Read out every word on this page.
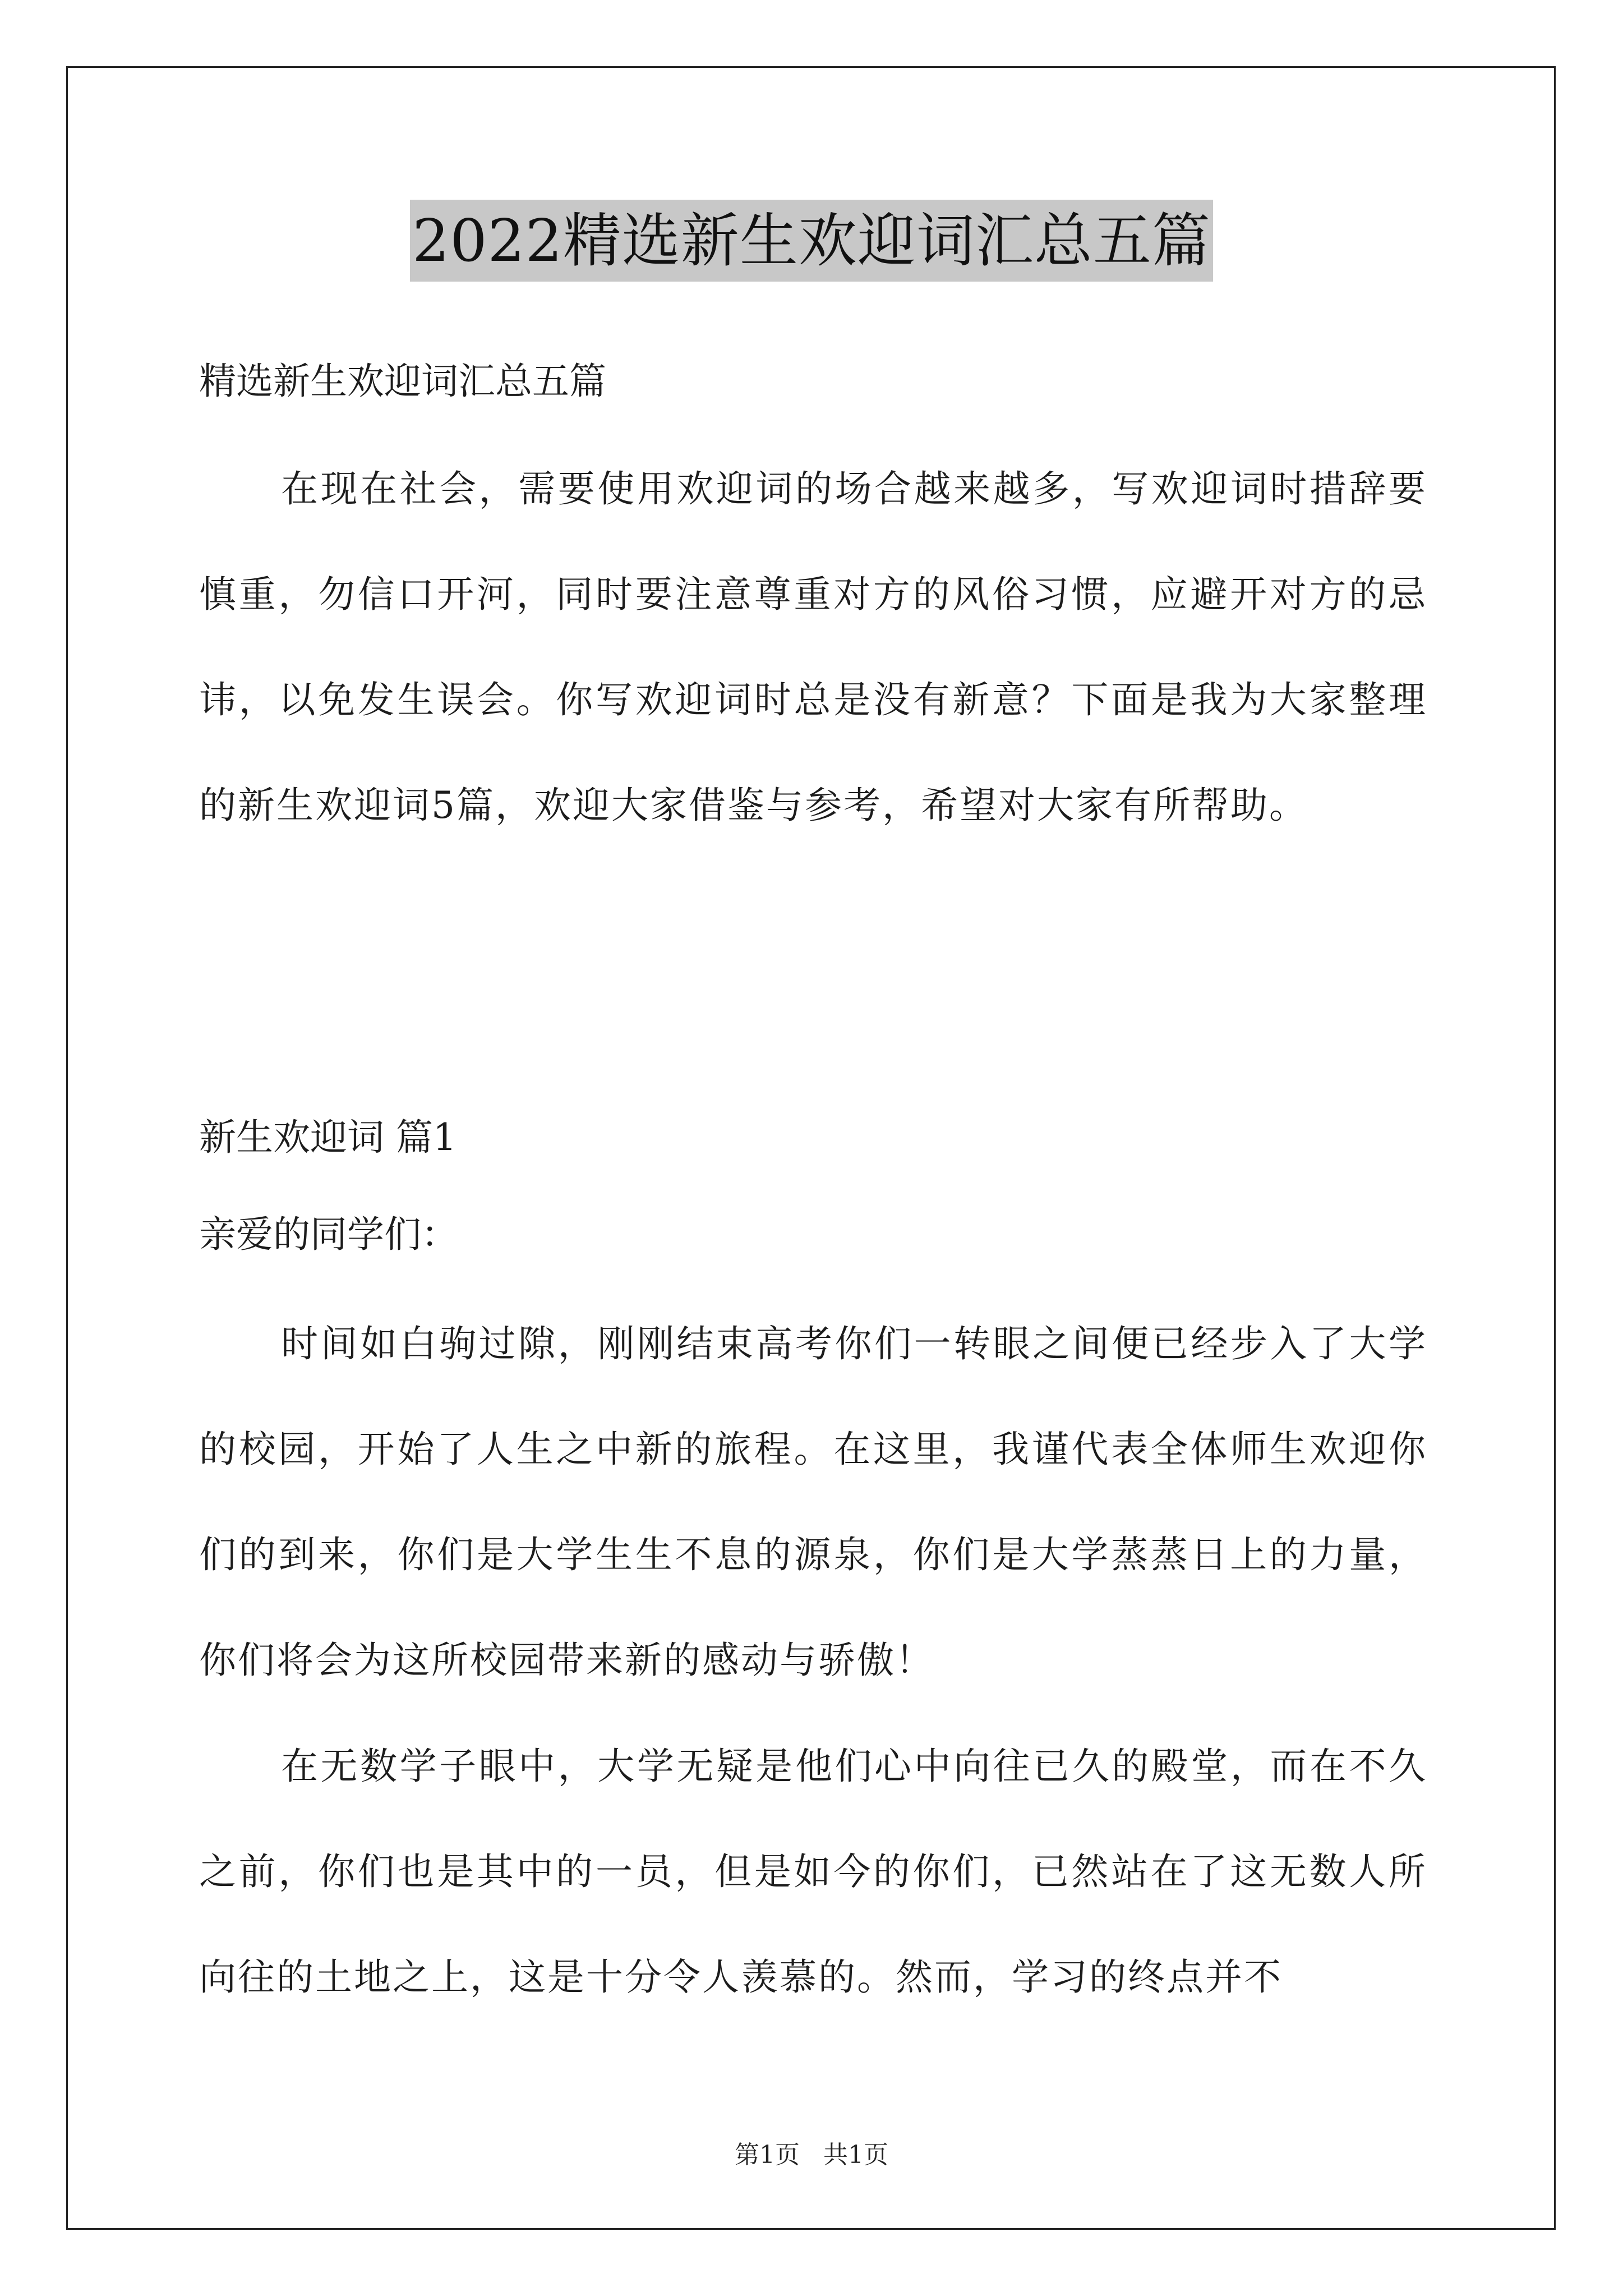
2022精选新生欢迎词汇总五篇
精选新生欢迎词汇总五篇

在现在社会，需要使用欢迎词的场合越来越多，写欢迎词时措辞要慎重，勿信口开河，同时要注意尊重对方的风俗习惯，应避开对方的忌讳，以免发生误会。你写欢迎词时总是没有新意？下面是我为大家整理的新生欢迎词5篇，欢迎大家借鉴与参考，希望对大家有所帮助。

新生欢迎词 篇1
亲爱的同学们：

时间如白驹过隙，刚刚结束高考你们一转眼之间便已经步入了大学的校园，开始了人生之中新的旅程。在这里，我谨代表全体师生欢迎你们的到来，你们是大学生生不息的源泉，你们是大学蒸蒸日上的力量，你们将会为这所校园带来新的感动与骄傲！

在无数学子眼中，大学无疑是他们心中向往已久的殿堂，而在不久之前，你们也是其中的一员，但是如今的你们，已然站在了这无数人所向往的土地之上，这是十分令人羡慕的。然而，学习的终点并不

第1页 共1页
